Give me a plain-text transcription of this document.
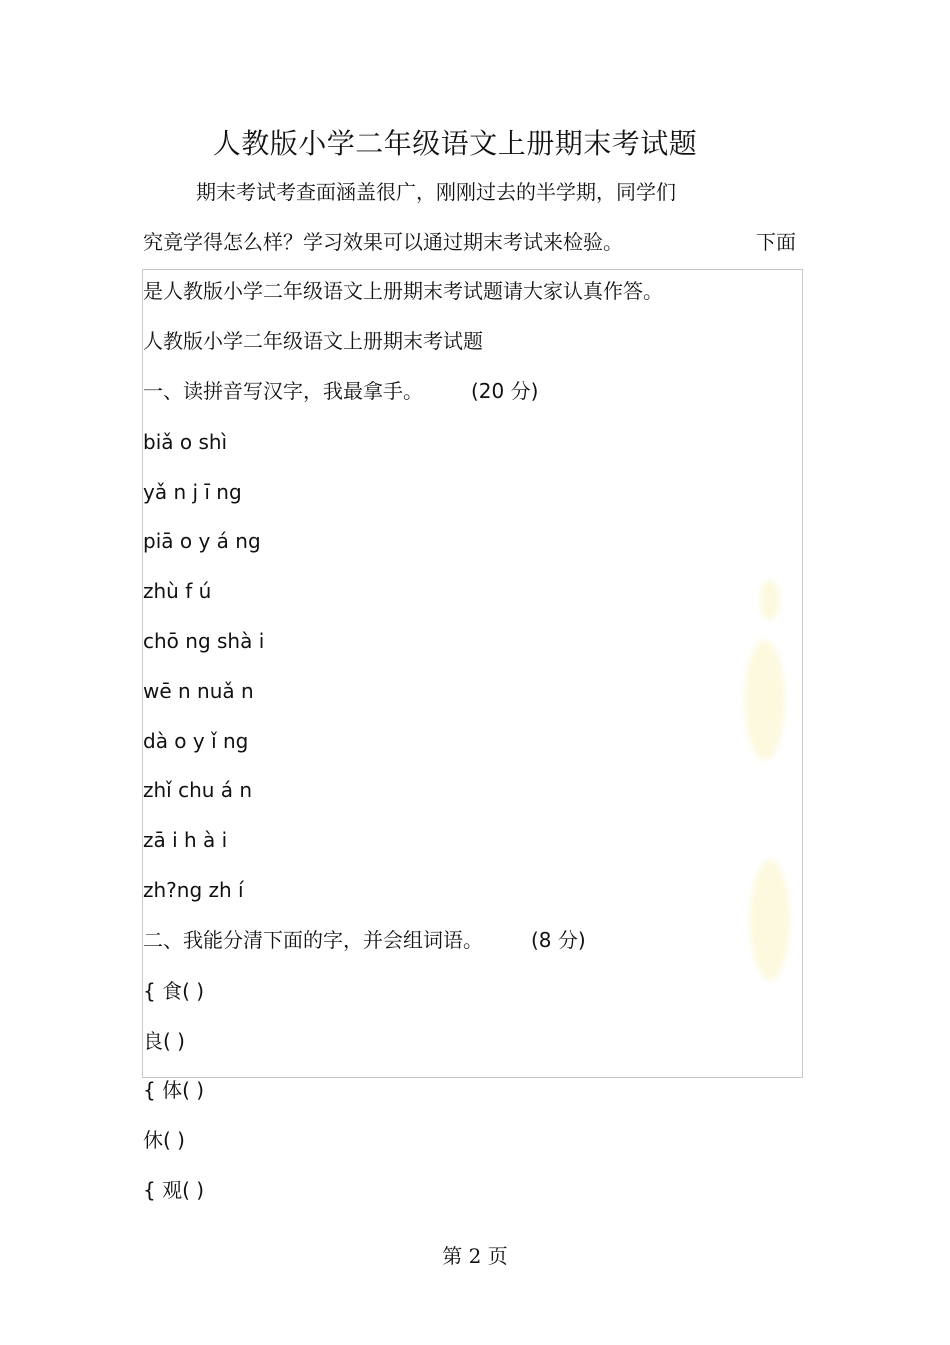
人教版小学二年级语文上册期末考试题
期末考试考查面涵盖很广，刚刚过去的半学期，同学们
究竟学得怎么样？学习效果可以通过期末考试来检验。	下面
是人教版小学二年级语文上册期末考试题请大家认真作答。
人教版小学二年级语文上册期末考试题
一、读拼音写汉字，我最拿手。 (20 分)
biǎ o shì
yǎ n j ī ng
piā o y á ng
zhù f ú
chō ng shà i
wē n nuǎ n
dà o y ǐ ng
zhǐ chu á n
zā i h à i
zh?ng zh í
二、我能分清下面的字，并会组词语。 (8 分)
{ 食( )
良( )
{ 体( )
休( )
{ 观( )
第 2 页
